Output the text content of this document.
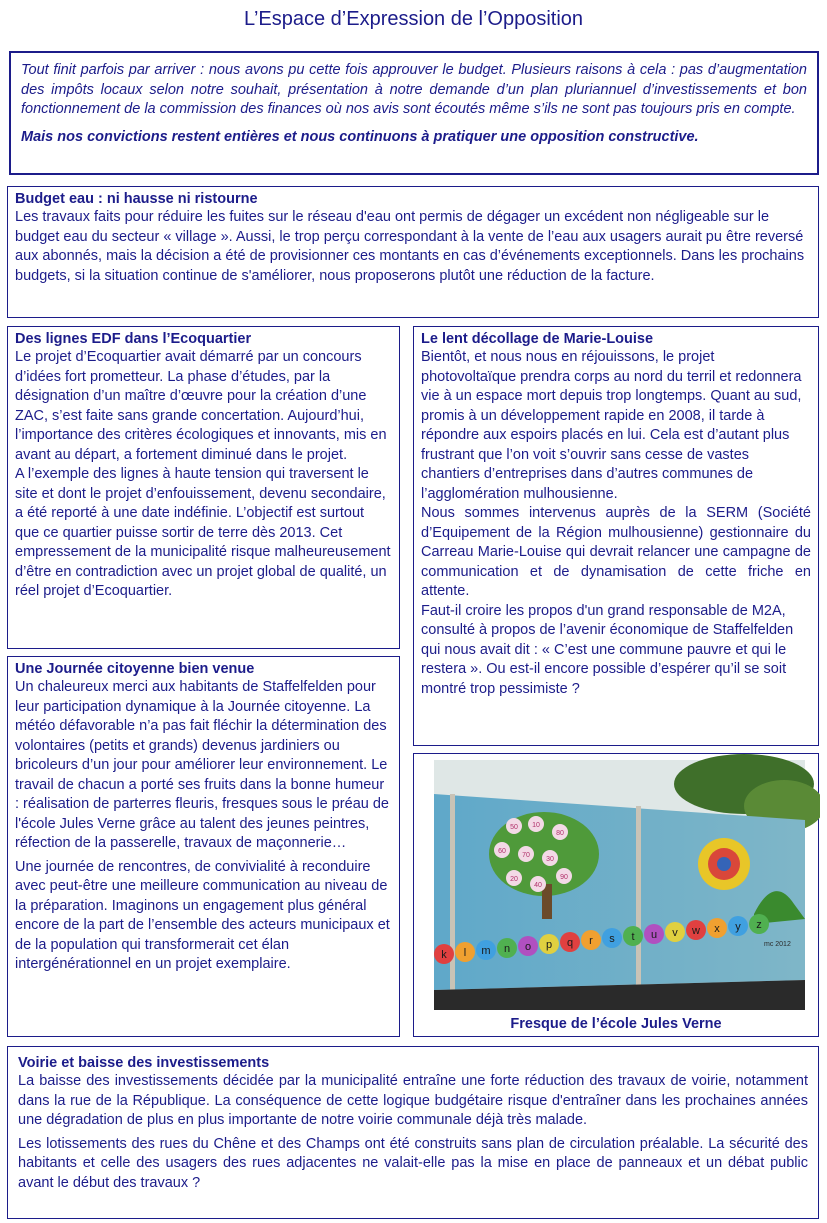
L’Espace d’Expression de l’Opposition

Tout finit parfois par arriver : nous avons pu cette fois approuver le budget. Plusieurs raisons à cela : pas d’augmentation des impôts locaux selon notre souhait, présentation à notre demande d’un plan pluriannuel d’investissements et bon fonctionnement de la commission des finances où nos avis sont écoutés même s’ils ne sont pas toujours pris en compte.

Mais nos convictions restent entières et nous continuons à pratiquer une opposition constructive.

Budget eau : ni hausse ni ristourne

Les travaux faits pour réduire les fuites sur le réseau d'eau ont permis de dégager un excédent non négligeable sur le budget eau du secteur « village ». Aussi, le trop perçu correspondant à la vente de l’eau aux usagers aurait pu être reversé aux abonnés, mais la décision a été de provisionner ces montants en cas d’événements exceptionnels. Dans les prochains budgets, si la situation continue de s'améliorer, nous proposerons plutôt une réduction de la facture.

Des lignes EDF dans l’Ecoquartier

Le projet d’Ecoquartier avait démarré par un concours d’idées fort prometteur. La phase d’études, par la désignation d’un maître d’œuvre pour la création d’une ZAC, s’est faite sans grande concertation. Aujourd’hui, l’importance des critères écologiques et innovants, mis en avant au départ, a fortement diminué dans le projet.

A l’exemple des lignes à haute tension qui traversent le site et dont le projet d’enfouissement, devenu secondaire, a été reporté à une date indéfinie. L’objectif est surtout que ce quartier puisse sortir de terre dès 2013. Cet empressement de la municipalité risque malheureusement d’être en contradiction avec un projet global de qualité, un réel projet d’Ecoquartier.

Le lent décollage de Marie-Louise

Bientôt, et nous nous en réjouissons, le projet photovoltaïque prendra corps au nord du terril et redonnera vie à un espace mort depuis trop longtemps. Quant au sud, promis à un développement rapide en 2008, il tarde à répondre aux espoirs placés en lui. Cela est d’autant plus frustrant que l’on voit s’ouvrir sans cesse de vastes chantiers d’entreprises dans d’autres communes de l’agglomération mulhousienne.

Nous sommes intervenus auprès de la SERM (Société d’Equipement de la Région mulhousienne) gestionnaire du Carreau Marie-Louise qui devrait relancer une campagne de communication et de dynamisation de cette friche en attente.

Faut-il croire les propos d'un grand responsable de M2A, consulté à propos de l’avenir économique de Staffelfelden qui nous avait dit : « C’est une commune pauvre et qui le restera ». Ou est-il encore possible d’espérer qu’il se soit montré trop pessimiste ?

Une Journée citoyenne bien venue

Un chaleureux merci aux habitants de Staffelfelden pour leur participation dynamique à la Journée citoyenne. La météo défavorable n’a pas fait fléchir la détermination des volontaires (petits et grands) devenus jardiniers ou bricoleurs d’un jour pour améliorer leur environnement. Le travail de chacun a porté ses fruits dans la bonne humeur : réalisation de parterres fleuris, fresques sous le préau de l'école Jules Verne grâce au talent des jeunes peintres, réfection de la passerelle, travaux de maçonnerie…

Une journée de rencontres, de convivialité à reconduire avec peut-être une meilleure communication au niveau de la préparation. Imaginons un engagement plus général encore de la part de l’ensemble des acteurs municipaux et de la population qui transformerait cet élan intergénérationnel en un projet exemplaire.

50 10
80
60
70
30
20
40
90
k l m n o p q r s t u v w x y z
mc 2012
Fresque de l’école Jules Verne
Voirie et baisse des investissements

La baisse des investissements décidée par la municipalité entraîne une forte réduction des travaux de voirie, notamment dans la rue de la République. La conséquence de cette logique budgétaire risque d'entraîner dans les prochaines années une dégradation de plus en plus importante de notre voirie communale déjà très malade.

Les lotissements des rues du Chêne et des Champs ont été construits sans plan de circulation préalable. La sécurité des habitants et celle des usagers des rues adjacentes ne valait-elle pas la mise en place de panneaux et un débat public avant le début des travaux ?
